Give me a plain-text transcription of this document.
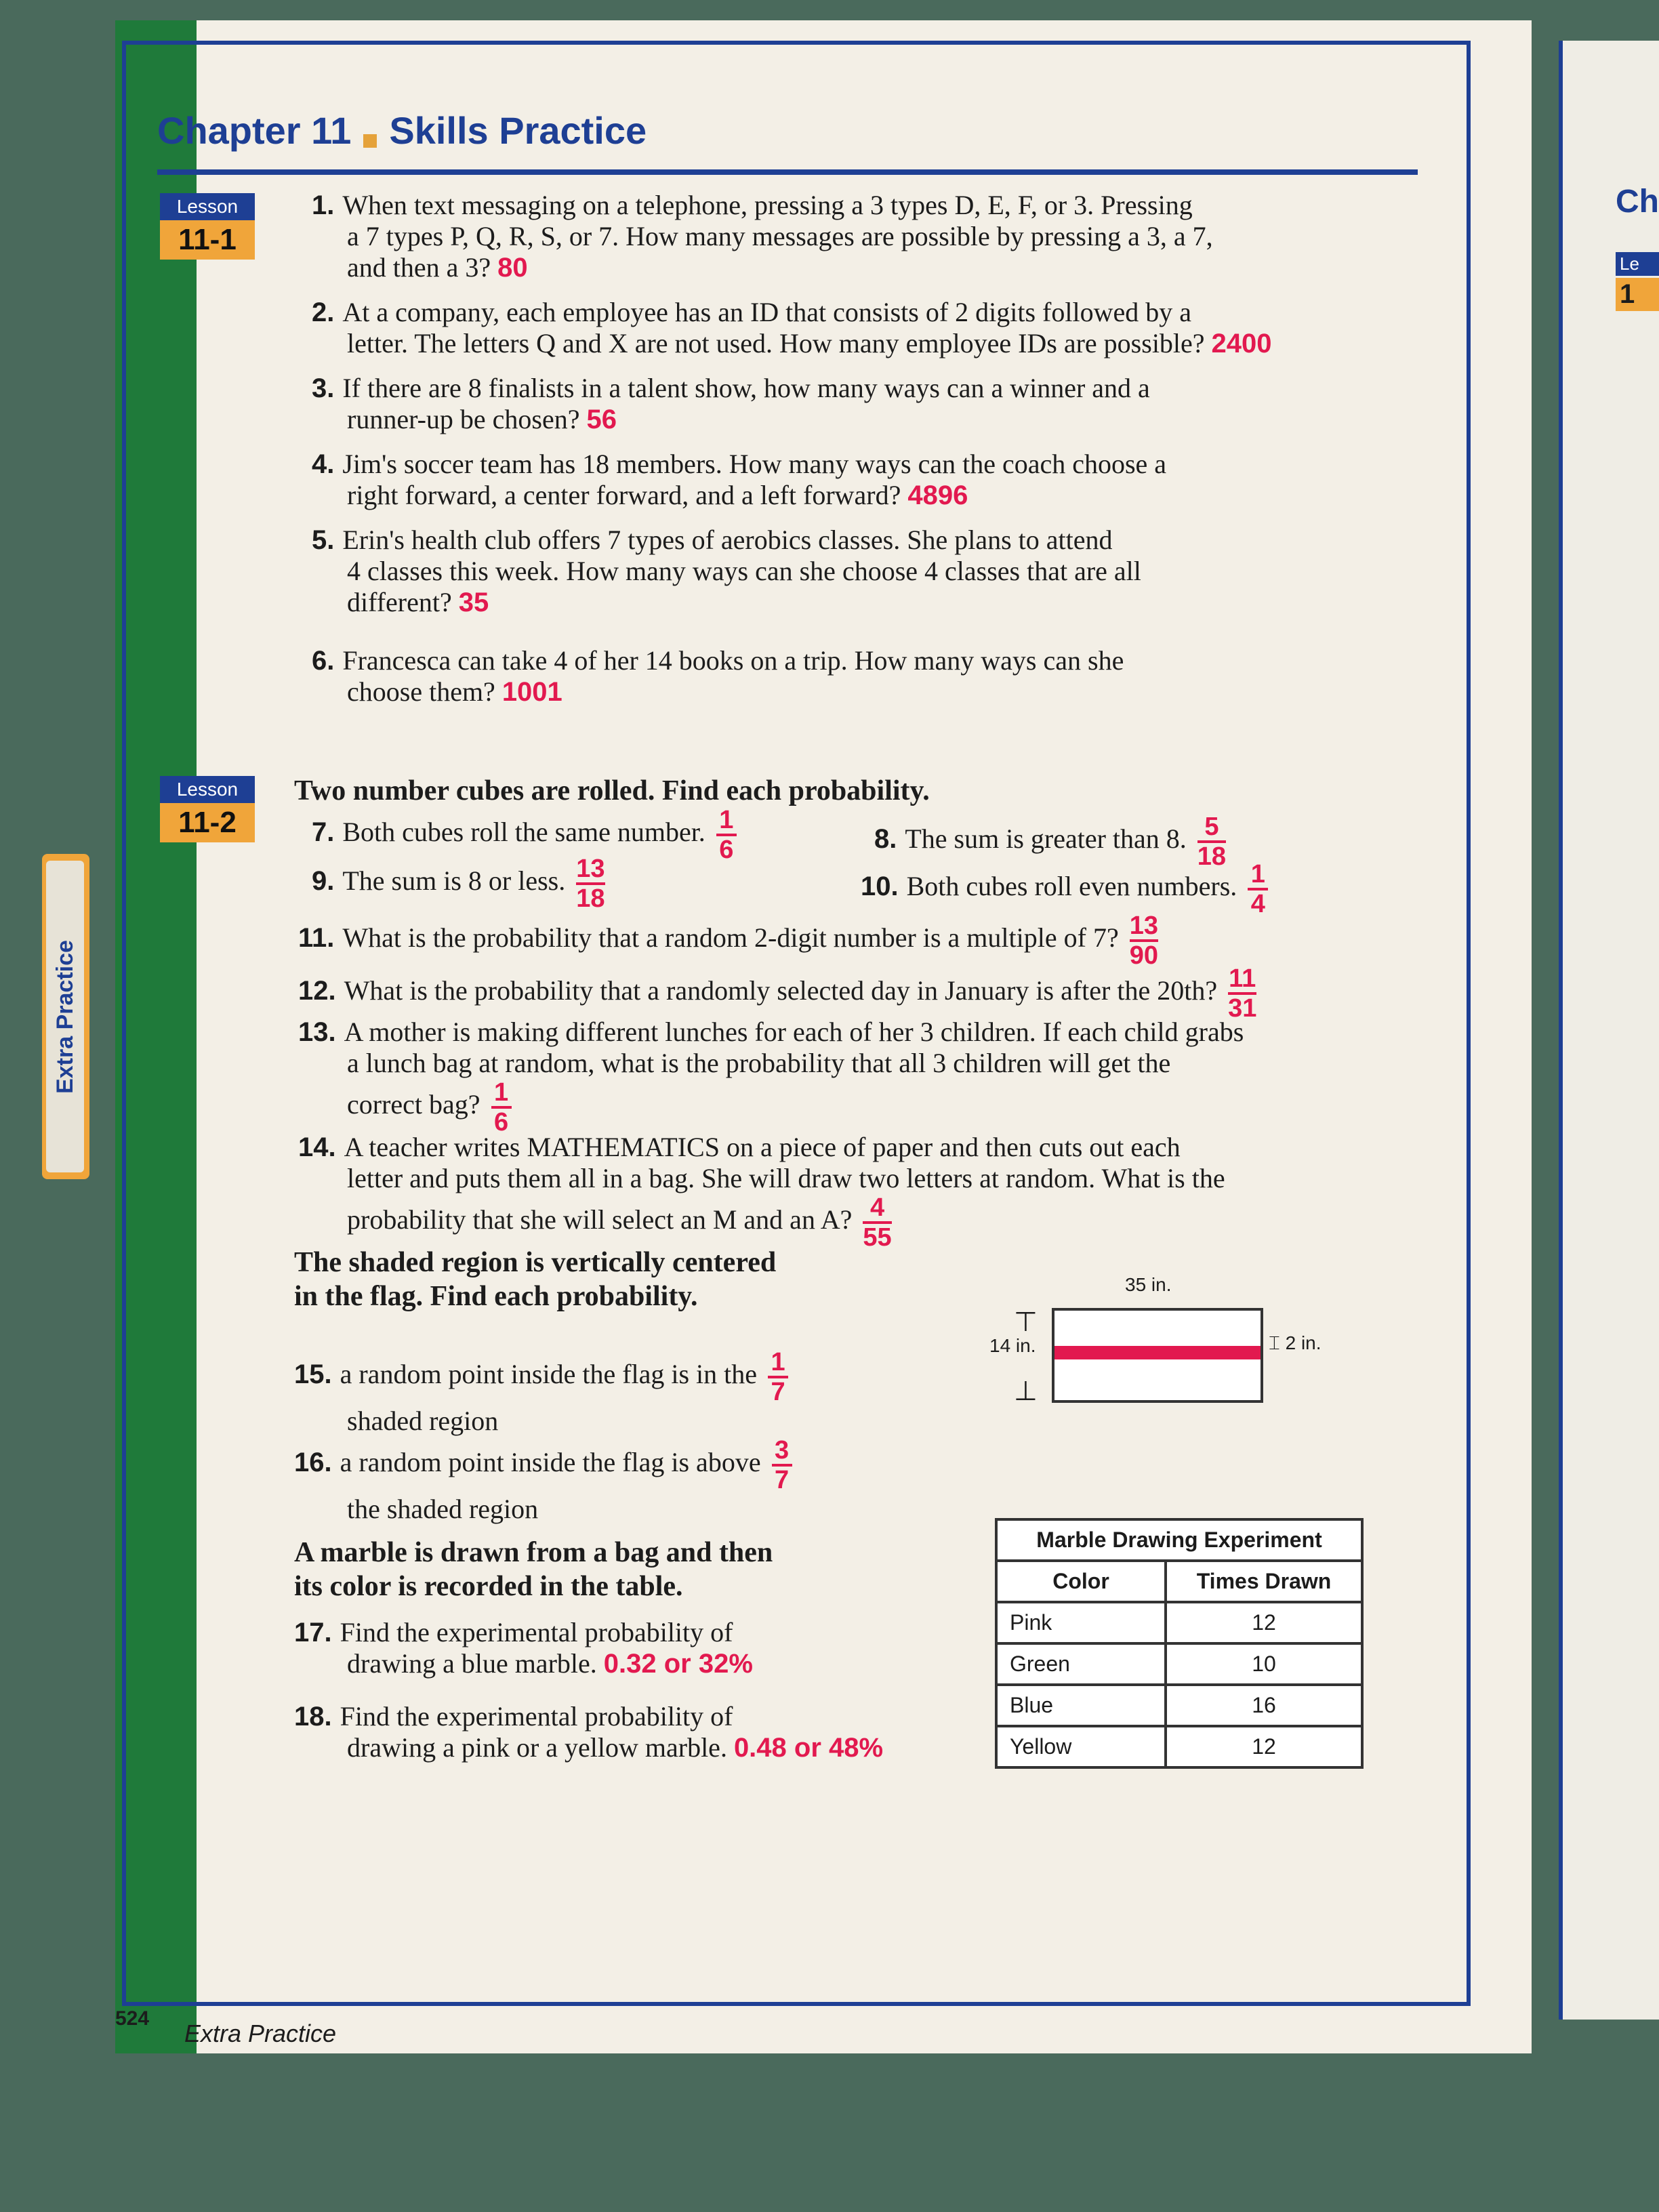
Chapter 11 Skills Practice
Extra Practice
Lesson
11-1
1. When text messaging on a telephone, pressing a 3 types D, E, F, or 3. Pressing
a 7 types P, Q, R, S, or 7. How many messages are possible by pressing a 3, a 7,
and then a 3? 80
2. At a company, each employee has an ID that consists of 2 digits followed by a
letter. The letters Q and X are not used. How many employee IDs are possible? 2400
3. If there are 8 finalists in a talent show, how many ways can a winner and a
runner-up be chosen? 56
4. Jim's soccer team has 18 members. How many ways can the coach choose a
right forward, a center forward, and a left forward? 4896
5. Erin's health club offers 7 types of aerobics classes. She plans to attend
4 classes this week. How many ways can she choose 4 classes that are all
different? 35
6. Francesca can take 4 of her 14 books on a trip. How many ways can she
choose them? 1001
Lesson
11-2
Two number cubes are rolled. Find each probability.
7. Both cubes roll the same number. $\frac{1}{6}$	8. The sum is greater than 8. $\frac{5}{18}$
9. The sum is 8 or less. $\frac{13}{18}$	10. Both cubes roll even numbers. $\frac{1}{4}$
11. What is the probability that a random 2-digit number is a multiple of 7? $\frac{13}{90}$
12. What is the probability that a randomly selected day in January is after the 20th? $\frac{11}{31}$
13. A mother is making different lunches for each of her 3 children. If each child grabs
a lunch bag at random, what is the probability that all 3 children will get the
correct bag? $\frac{1}{6}$
14. A teacher writes MATHEMATICS on a piece of paper and then cuts out each
letter and puts them all in a bag. She will draw two letters at random. What is the
probability that she will select an M and an A? $\frac{4}{55}$
The shaded region is vertically centered
in the flag. Find each probability.
15. a random point inside the flag is in the $\frac{1}{7}$
shaded region
16. a random point inside the flag is above $\frac{3}{7}$
the shaded region
35 in.
14 in.
⊤
⊥
⌶ 2 in.
A marble is drawn from a bag and then
its color is recorded in the table.
17. Find the experimental probability of
drawing a blue marble. 0.32 or 32%
18. Find the experimental probability of
drawing a pink or a yellow marble. 0.48 or 48%
Marble Drawing Experiment	
Color	Times Drawn
Pink	12
Green	10
Blue	16
Yellow	12
524
Extra Practice
Ch
Le
1
